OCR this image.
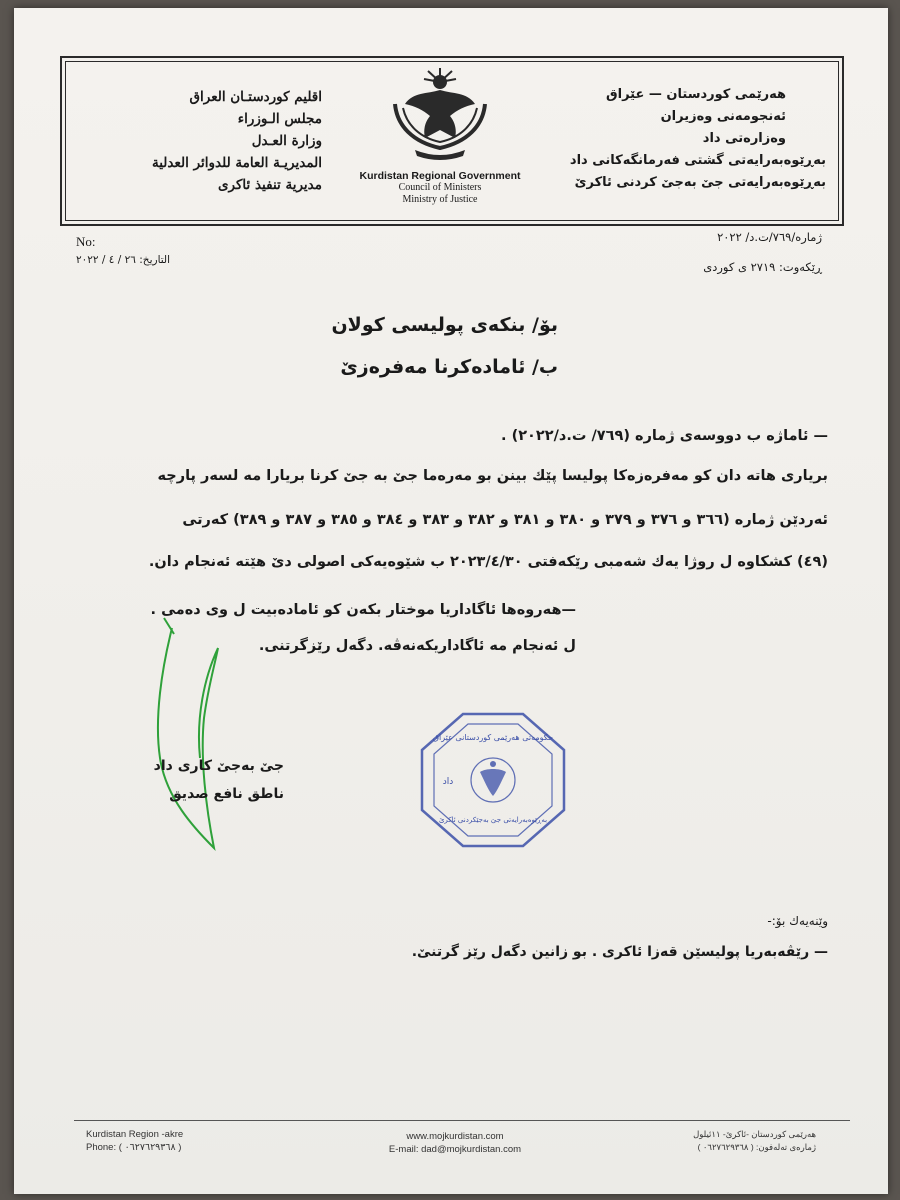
اقليم كوردستـان العراق
مجلس الـوزراء
وزارة العـدل
المديريـة العامة للدوائر العدلية
مديرية تنفيذ ئاكرى
Kurdistan Regional Government
Council of Ministers
Ministry of Justice
هەرێمی کوردستان — عێراق
ئەنجومەنی وەزیران
وەزارەتی داد
بەڕێوەبەرایەتی گشتی فەرمانگەکانی داد
بەڕێوەبەرایەتی جێ بەجێ کردنی ئاکرێ
No:
التاريخ: ٢٦ / ٤ / ٢٠٢٢
ژمارە/٧٦٩/ت.د/ ٢٠٢٢
ڕێکەوت: ٢٧١٩ ی کوردی
بۆ/ بنکەی پولیسی کولان
ب/ ئامادەکرنا مەفرەزێ
— ئاماژە ب دووسەی ژمارە (٧٦٩/ ت.د/٢٠٢٢) .
بریاری هاتە دان کو مەفرەزەکا پولیسا پێك بینن بو مەرەما جێ بە جێ کرنا بریارا مە لسەر پارچە
ئەردێن ژمارە (٣٦٦ و ٣٧٦ و ٣٧٩ و ٣٨٠ و ٣٨١ و ٣٨٢ و ٣٨٣ و ٣٨٤ و ٣٨٥ و ٣٨٧ و ٣٨٩) کەرتی
(٤٩) کشکاوە ل روژا یەك شەمبی رێکەفتی ٢٠٢٣/٤/٣٠ ب شێوەیەکی اصولی دێ هێتە ئەنجام دان.
—هەروەها ئاگاداریا موختار بکەن کو ئامادەبیت ل وی دەمی .
ل ئەنجام مە ئاگاداریکەنەڤە. دگەل رێزگرتنی.
جێ بەجێ کاری داد
ناطق نافع صدیق
حکومەتی هەرێمی کوردستانی عێراق
داد
بەڕێوەبەرایەتی جێ بەجێکردنی ئاکرێ
وێنەیەك بۆ:-
— رێڤەبەریا پولیسێن قەزا ئاکری . بو زانین دگەل رێز گرتنێ.
Kurdistan Region -akre
Phone: ( ٠٦٢٧٦٢٩٣٦٨ )
www.mojkurdistan.com
E-mail: dad@mojkurdistan.com
هەرێمی کوردستان -ئاکرێ- ١١ئیلول
ژمارەی تەلەفون: ( ٠٦٢٧٦٢٩٣٦٨ )
